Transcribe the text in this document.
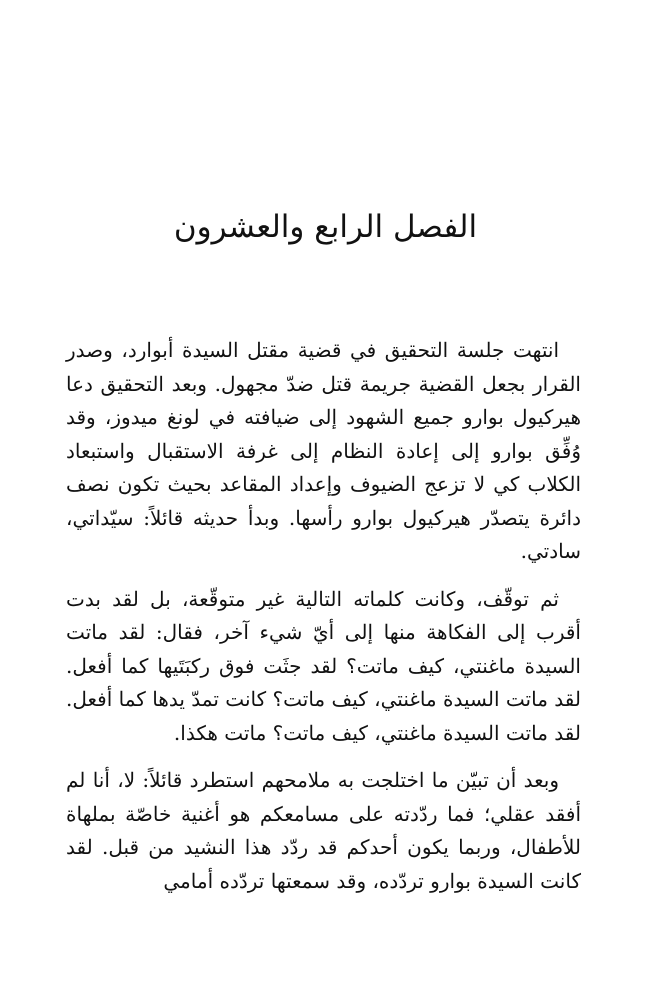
الفصل الرابع والعشرون

انتهت جلسة التحقيق في قضية مقتل السيدة أبوارد، وصدر القرار بجعل القضية جريمة قتل ضدّ مجهول. وبعد التحقيق دعا هيركيول بوارو جميع الشهود إلى ضيافته في لونغ ميدوز، وقد وُفِّق بوارو إلى إعادة النظام إلى غرفة الاستقبال واستبعاد الكلاب كي لا تزعج الضيوف وإعداد المقاعد بحيث تكون نصف دائرة يتصدّر هيركيول بوارو رأسها. وبدأ حديثه قائلاً: سيّداتي، سادتي.

ثم توقّف، وكانت كلماته التالية غير متوقّعة، بل لقد بدت أقرب إلى الفكاهة منها إلى أيّ شيء آخر، فقال: لقد ماتت السيدة ماغنتي، كيف ماتت؟ لقد جثَت فوق ركبَتَيها كما أفعل. لقد ماتت السيدة ماغنتي، كيف ماتت؟ كانت تمدّ يدها كما أفعل. لقد ماتت السيدة ماغنتي، كيف ماتت؟ ماتت هكذا.

وبعد أن تبيّن ما اختلجت به ملامحهم استطرد قائلاً: لا، أنا لم أفقد عقلي؛ فما ردّدته على مسامعكم هو أغنية خاصّة بملهاة للأطفال، وربما يكون أحدكم قد ردّد هذا النشيد من قبل. لقد كانت السيدة بوارو تردّده، وقد سمعتها تردّده أمامي
